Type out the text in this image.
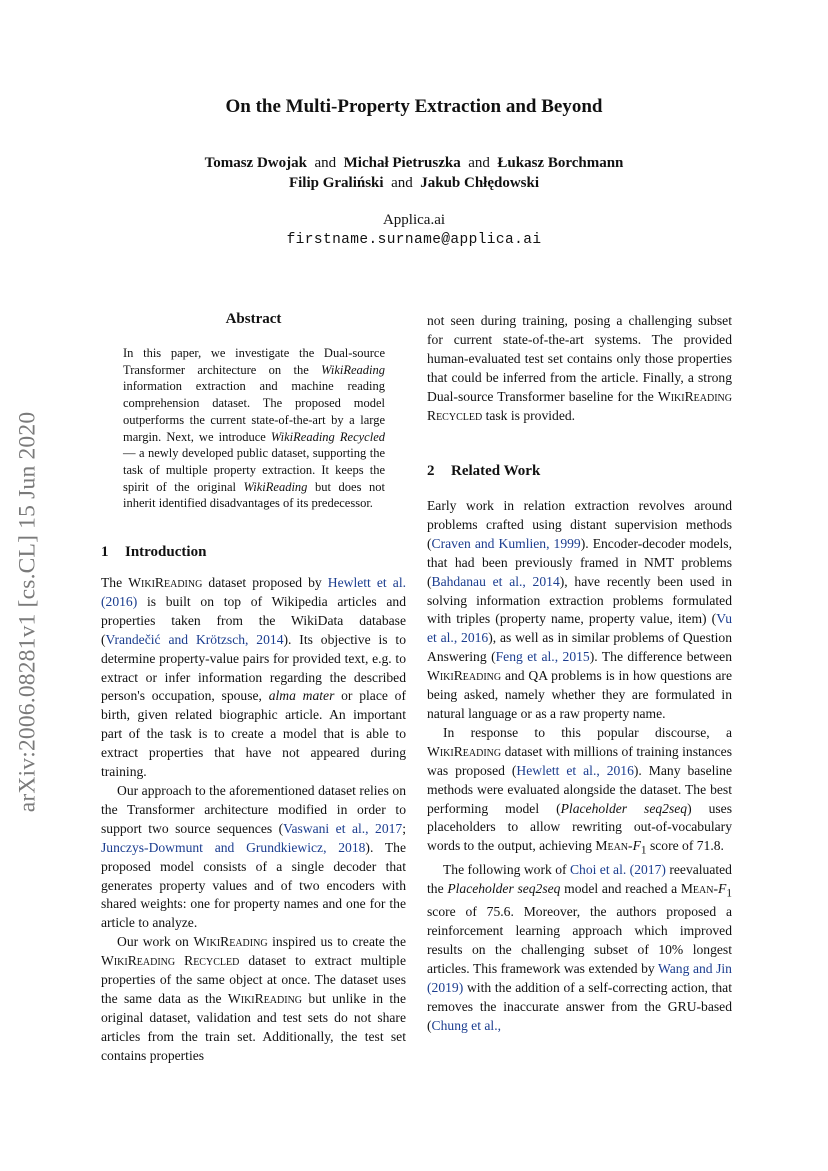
arXiv:2006.08281v1 [cs.CL] 15 Jun 2020
On the Multi-Property Extraction and Beyond
Tomasz Dwojak and Michał Pietruszka and Łukasz Borchmann
Filip Graliński and Jakub Chłędowski
Applica.ai
firstname.surname@applica.ai
Abstract
In this paper, we investigate the Dual-source Transformer architecture on the WikiReading information extraction and machine reading comprehension dataset. The proposed model outperforms the current state-of-the-art by a large margin. Next, we introduce WikiReading Recycled — a newly developed public dataset, supporting the task of multiple property extraction. It keeps the spirit of the original WikiReading but does not inherit identified disadvantages of its predecessor.
1 Introduction

The WikiReading dataset proposed by Hewlett et al. (2016) is built on top of Wikipedia articles and properties taken from the WikiData database (Vrandečić and Krötzsch, 2014). Its objective is to determine property-value pairs for provided text, e.g. to extract or infer information regarding the described person's occupation, spouse, alma mater or place of birth, given related biographic article. An important part of the task is to create a model that is able to extract properties that have not appeared during training.

Our approach to the aforementioned dataset relies on the Transformer architecture modified in order to support two source sequences (Vaswani et al., 2017; Junczys-Dowmunt and Grundkiewicz, 2018). The proposed model consists of a single decoder that generates property values and of two encoders with shared weights: one for property names and one for the article to analyze.

Our work on WikiReading inspired us to create the WikiReading Recycled dataset to extract multiple properties of the same object at once. The dataset uses the same data as the WikiReading but unlike in the original dataset, validation and test sets do not share articles from the train set. Additionally, the test set contains properties

not seen during training, posing a challenging subset for current state-of-the-art systems. The provided human-evaluated test set contains only those properties that could be inferred from the article. Finally, a strong Dual-source Transformer baseline for the WikiReading Recycled task is provided.

2 Related Work

Early work in relation extraction revolves around problems crafted using distant supervision methods (Craven and Kumlien, 1999). Encoder-decoder models, that had been previously framed in NMT problems (Bahdanau et al., 2014), have recently been used in solving information extraction problems formulated with triples (property name, property value, item) (Vu et al., 2016), as well as in similar problems of Question Answering (Feng et al., 2015). The difference between WikiReading and QA problems is in how questions are being asked, namely whether they are formulated in natural language or as a raw property name.

In response to this popular discourse, a WikiReading dataset with millions of training instances was proposed (Hewlett et al., 2016). Many baseline methods were evaluated alongside the dataset. The best performing model (Placeholder seq2seq) uses placeholders to allow rewriting out-of-vocabulary words to the output, achieving Mean-$F_1$ score of 71.8.

The following work of Choi et al. (2017) reevaluated the Placeholder seq2seq model and reached a Mean-$F_1$ score of 75.6. Moreover, the authors proposed a reinforcement learning approach which improved results on the challenging subset of 10% longest articles. This framework was extended by Wang and Jin (2019) with the addition of a self-correcting action, that removes the inaccurate answer from the GRU-based (Chung et al.,
